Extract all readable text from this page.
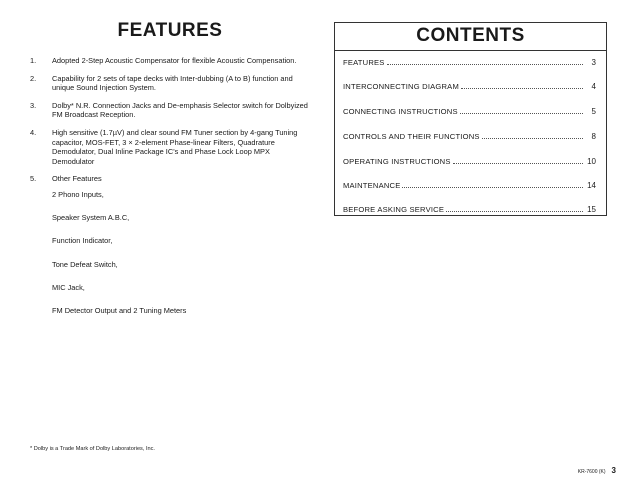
FEATURES
1. Adopted 2-Step Acoustic Compensator for flexible Acoustic Compensation.
2. Capability for 2 sets of tape decks with Inter-dubbing (A to B) function and unique Sound Injection System.
3. Dolby* N.R. Connection Jacks and De-emphasis Selector switch for Dolbyized FM Broadcast Reception.
4. High sensitive (1.7µV) and clear sound FM Tuner section by 4-gang Tuning capacitor, MOS-FET, 3 × 2-element Phase-linear Filters, Quadrature Demodulator, Dual Inline Package IC's and Phase Lock Loop MPX Demodulator
5. Other Features
2 Phono Inputs,
Speaker System A.B.C,
Function Indicator,
Tone Defeat Switch,
MIC Jack,
FM Detector Output and 2 Tuning Meters
CONTENTS
FEATURES	3
INTERCONNECTING DIAGRAM	4
CONNECTING INSTRUCTIONS	5
CONTROLS AND THEIR FUNCTIONS	8
OPERATING INSTRUCTIONS	10
MAINTENANCE	14
BEFORE ASKING SERVICE	15
* Dolby is a Trade Mark of Dolby Laboratories, Inc.
KR-7600 (K) 3
